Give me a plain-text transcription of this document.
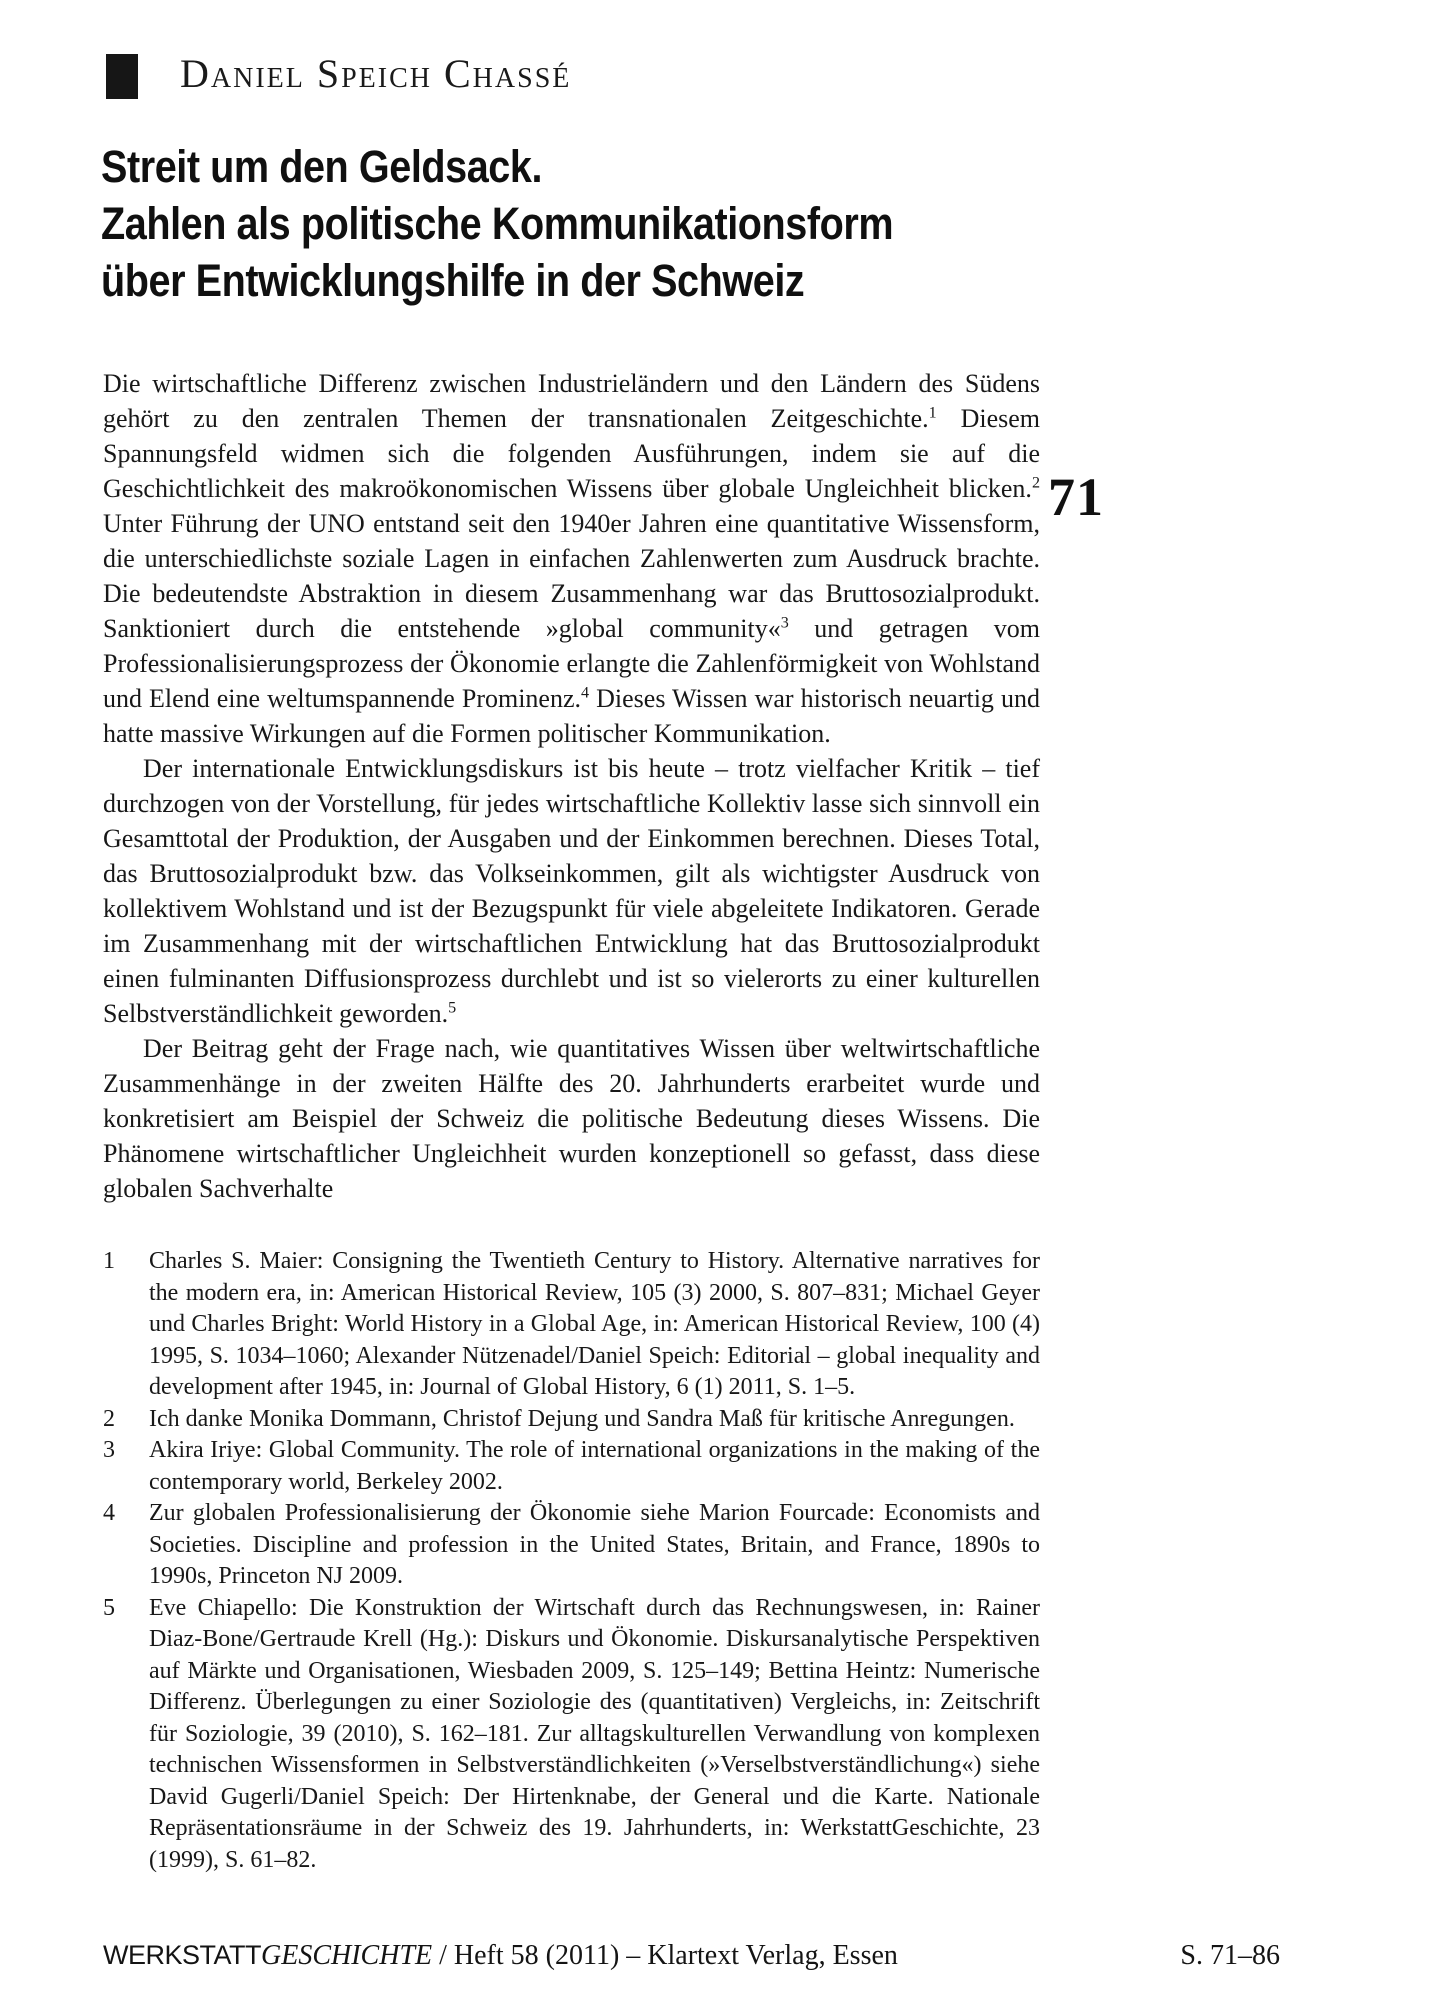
Daniel Speich Chassé
Streit um den Geldsack.
Zahlen als politische Kommunikationsform
über Entwicklungshilfe in der Schweiz
71

Die wirtschaftliche Differenz zwischen Industrieländern und den Ländern des Südens gehört zu den zentralen Themen der transnationalen Zeitgeschichte.$^1$ Diesem Spannungsfeld widmen sich die folgenden Ausführungen, indem sie auf die Geschichtlichkeit des makroökonomischen Wissens über globale Ungleichheit blicken.$^2$ Unter Führung der UNO entstand seit den 1940er Jahren eine quantitative Wissensform, die unterschiedlichste soziale Lagen in einfachen Zahlenwerten zum Ausdruck brachte. Die bedeutendste Abstraktion in diesem Zusammenhang war das Bruttosozialprodukt. Sanktioniert durch die entstehende »global community«$^3$ und getragen vom Professionalisierungsprozess der Ökonomie erlangte die Zahlenförmigkeit von Wohlstand und Elend eine weltumspannende Prominenz.$^4$ Dieses Wissen war historisch neuartig und hatte massive Wirkungen auf die Formen politischer Kommunikation.

Der internationale Entwicklungsdiskurs ist bis heute – trotz vielfacher Kritik – tief durchzogen von der Vorstellung, für jedes wirtschaftliche Kollektiv lasse sich sinnvoll ein Gesamttotal der Produktion, der Ausgaben und der Einkommen berechnen. Dieses Total, das Bruttosozialprodukt bzw. das Volkseinkommen, gilt als wichtigster Ausdruck von kollektivem Wohlstand und ist der Bezugspunkt für viele abgeleitete Indikatoren. Gerade im Zusammenhang mit der wirtschaftlichen Entwicklung hat das Bruttosozialprodukt einen fulminanten Diffusionsprozess durchlebt und ist so vielerorts zu einer kulturellen Selbstverständlichkeit geworden.$^5$

Der Beitrag geht der Frage nach, wie quantitatives Wissen über weltwirtschaftliche Zusammenhänge in der zweiten Hälfte des 20. Jahrhunderts erarbeitet wurde und konkretisiert am Beispiel der Schweiz die politische Bedeutung dieses Wissens. Die Phänomene wirtschaftlicher Ungleichheit wurden konzeptionell so gefasst, dass diese globalen Sachverhalte

1 Charles S. Maier: Consigning the Twentieth Century to History. Alternative narratives for the modern era, in: American Historical Review, 105 (3) 2000, S. 807–831; Michael Geyer und Charles Bright: World History in a Global Age, in: American Historical Review, 100 (4) 1995, S. 1034–1060; Alexander Nützenadel/Daniel Speich: Editorial – global inequality and development after 1945, in: Journal of Global History, 6 (1) 2011, S. 1–5.
2 Ich danke Monika Dommann, Christof Dejung und Sandra Maß für kritische Anregungen.
3 Akira Iriye: Global Community. The role of international organizations in the making of the contemporary world, Berkeley 2002.
4 Zur globalen Professionalisierung der Ökonomie siehe Marion Fourcade: Economists and Societies. Discipline and profession in the United States, Britain, and France, 1890s to 1990s, Princeton NJ 2009.
5 Eve Chiapello: Die Konstruktion der Wirtschaft durch das Rechnungswesen, in: Rainer Diaz-Bone/Gertraude Krell (Hg.): Diskurs und Ökonomie. Diskursanalytische Perspektiven auf Märkte und Organisationen, Wiesbaden 2009, S. 125–149; Bettina Heintz: Numerische Differenz. Überlegungen zu einer Soziologie des (quantitativen) Vergleichs, in: Zeitschrift für Soziologie, 39 (2010), S. 162–181. Zur alltagskulturellen Verwandlung von komplexen technischen Wissensformen in Selbstverständlichkeiten (»Verselbstverständlichung«) siehe David Gugerli/Daniel Speich: Der Hirtenknabe, der General und die Karte. Nationale Repräsentationsräume in der Schweiz des 19. Jahrhunderts, in: WerkstattGeschichte, 23 (1999), S. 61–82.
WERKSTATTGESCHICHTE / Heft 58 (2011) – Klartext Verlag, Essen	S. 71–86
